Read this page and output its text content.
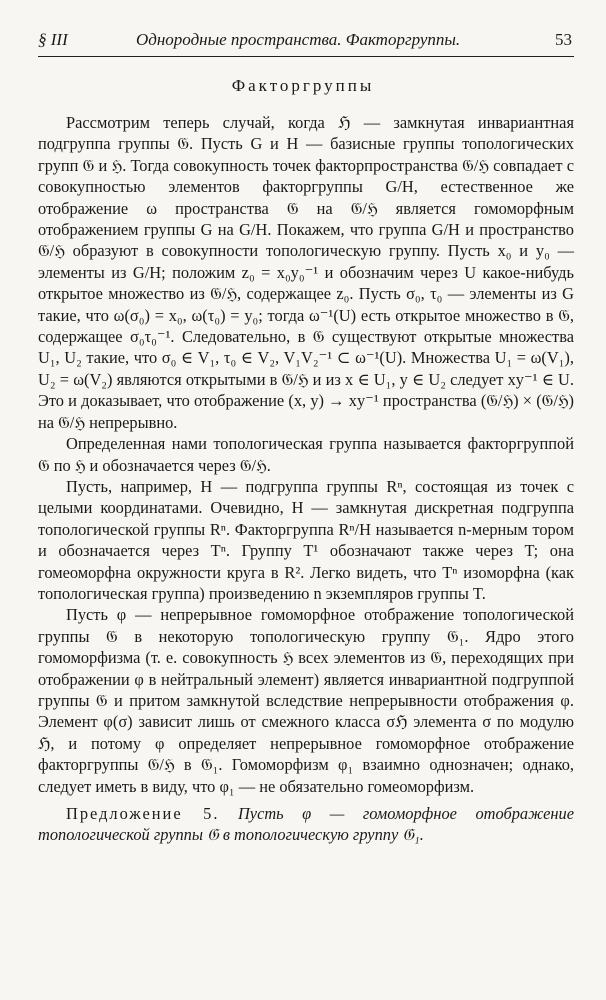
§ III	Однородные пространства. Факторгруппы.	53
Факторгруппы

Рассмотрим теперь случай, когда ℌ — замкнутая инвариантная подгруппа группы 𝔊. Пусть G и H — базисные группы топологических групп 𝔊 и ℌ. Тогда совокупность точек факторпространства 𝔊/ℌ совпадает с совокупностью элементов факторгруппы G/H, естественное же отображение ω пространства 𝔊 на 𝔊/ℌ является гомоморфным отображением группы G на G/H. Покажем, что группа G/H и пространство 𝔊/ℌ образуют в совокупности топологическую группу. Пусть x₀ и y₀ — элементы из G/H; положим z₀ = x₀y₀⁻¹ и обозначим через U какое-нибудь открытое множество из 𝔊/ℌ, содержащее z₀. Пусть σ₀, τ₀ — элементы из G такие, что ω(σ₀) = x₀, ω(τ₀) = y₀; тогда ω⁻¹(U) есть открытое множество в 𝔊, содержащее σ₀τ₀⁻¹. Следовательно, в 𝔊 существуют открытые множества U₁, U₂ такие, что σ₀ ∈ V₁, τ₀ ∈ V₂, V₁V₂⁻¹ ⊂ ω⁻¹(U). Множества U₁ = ω(V₁), U₂ = ω(V₂) являются открытыми в 𝔊/ℌ и из x ∈ U₁, y ∈ U₂ следует xy⁻¹ ∈ U. Это и доказывает, что отображение (x, y) → xy⁻¹ пространства (𝔊/ℌ) × (𝔊/ℌ) на 𝔊/ℌ непрерывно.

Определенная нами топологическая группа называется факторгруппой 𝔊 по ℌ и обозначается через 𝔊/ℌ.

Пусть, например, H — подгруппа группы Rⁿ, состоящая из точек с целыми координатами. Очевидно, H — замкнутая дискретная подгруппа топологической группы Rⁿ. Факторгруппа Rⁿ/H называется n-мерным тором и обозначается через Tⁿ. Группу T¹ обозначают также через T; она гомеоморфна окружности круга в R². Легко видеть, что Tⁿ изоморфна (как топологическая группа) произведению n экземпляров группы T.

Пусть φ — непрерывное гомоморфное отображение топологической группы 𝔊 в некоторую топологическую группу 𝔊₁. Ядро этого гомоморфизма (т. е. совокупность ℌ всех элементов из 𝔊, переходящих при отображении φ в нейтральный элемент) является инвариантной подгруппой группы 𝔊 и притом замкнутой вследствие непрерывности отображения φ. Элемент φ(σ) зависит лишь от смежного класса σℌ элемента σ по модулю ℌ, и потому φ определяет непрерывное гомоморфное отображение факторгруппы 𝔊/ℌ в 𝔊₁. Гомоморфизм φ₁ взаимно однозначен; однако, следует иметь в виду, что φ₁ — не обязательно гомеоморфизм.

Предложение 5. Пусть φ — гомоморфное отображение топологической группы 𝔊 в топологическую группу 𝔊₁.
